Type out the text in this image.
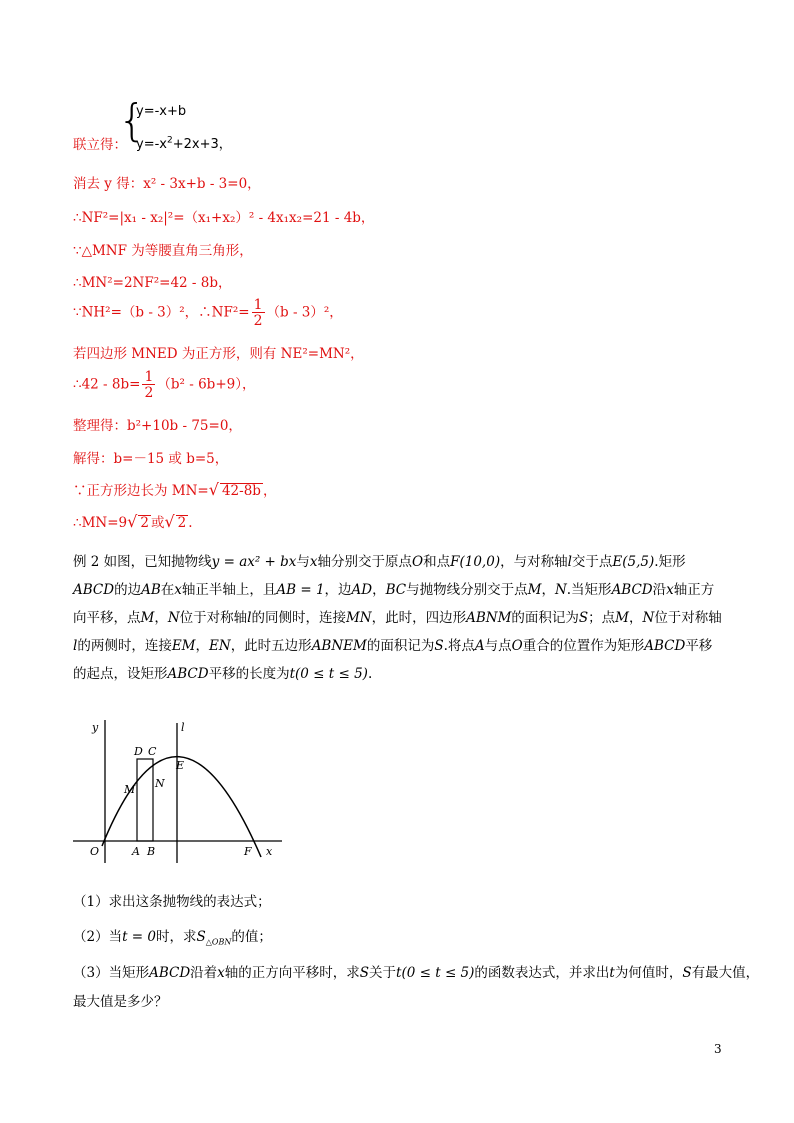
联立得：
{
y=-x+b
$y=-x^2+2x+3$，
消去 y 得：x² - 3x+b - 3=0，
∴NF²=|x₁ - x₂|²=（x₁+x₂）² - 4x₁x₂=21 - 4b，
∵△MNF 为等腰直角三角形，
∴MN²=2NF²=42 - 8b，
∵NH²=（b - 3）²，∴NF²= $\frac{1}{2} (b - 3)^2$，
若四边形 MNED 为正方形，则有 NE²=MN²，
∴42 - $8b= \frac{1}{2} (b^2 - 6b+9)$，
整理得：b²+10b - 75=0，
解得：b=－15 或 b=5，
∵正方形边长为 MN=√ 42-8b ，
∴MN=9√ 2 或√ 2 .
例 2 如图，已知抛物线y = ax² + bx与x轴分别交于原点O和点F(10,0)，与对称轴l交于点E(5,5).矩形ABCD的边AB在x轴正半轴上，且AB = 1，边AD，BC与抛物线分别交于点M，N.当矩形ABCD沿x轴正方向平移，点M，N位于对称轴l的同侧时，连接MN，此时，四边形ABNM的面积记为S；点M，N位于对称轴l的两侧时，连接EM，EN，此时五边形ABNEM的面积记为S.将点A与点O重合的位置作为矩形ABCD平移的起点，设矩形ABCD平移的长度为t(0 ≤ t ≤ 5).
y	l
D C
E
M N
O	A B	F x
（1）求出这条抛物线的表达式；
（2）当t = 0时，求$S_{\triangle OBN}$的值；
（3）当矩形ABCD沿着x轴的正方向平移时，求S关于t(0 ≤ t ≤ 5)的函数表达式，并求出t为何值时，S有最大值，
最大值是多少？
3
